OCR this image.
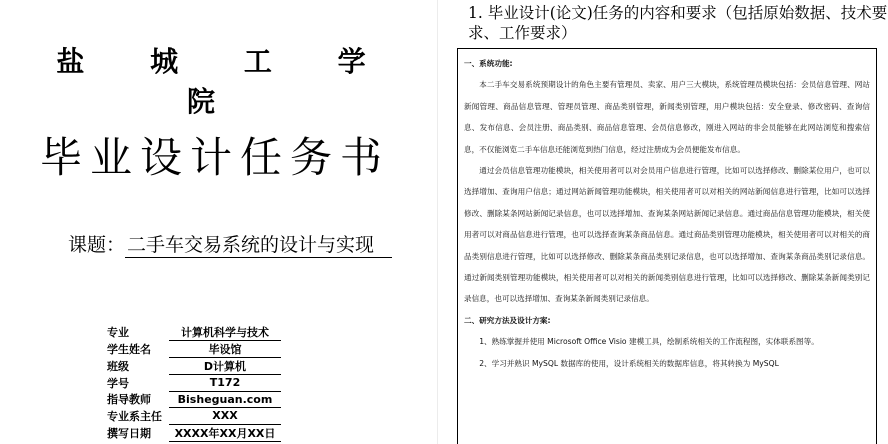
盐 城 工 学 院
毕业设计任务书
课题： 二手车交易系统的设计与实现
专业	计算机科学与技术
学生姓名	毕设馆
班级	D计算机
学号	T172
指导教师	Bisheguan.com
专业系主任	XXX
撰写日期	XXXX年XX月XX日
1. 毕业设计(论文)任务的内容和要求（包括原始数据、技术要求、工作要求）
一、系统功能:
本二手车交易系统预期设计的角色主要有管理员、卖家、用户三大模块，系统管理员模块包括：会员信息管理、网站新闻管理、商品信息管理、管理员管理、商品类别管理，新闻类别管理，用户模块包括：安全登录、修改密码、查询信息、发布信息、会员注册、商品类别、商品信息管理、会员信息修改，刚进入网站的非会员能够在此网站浏览和搜索信息，不仅能浏览二手车信息还能浏览到热门信息，经过注册成为会员便能发布信息。
通过会员信息管理功能模块，相关使用者可以对会员用户信息进行管理，比如可以选择修改、删除某位用户，也可以选择增加、查询用户信息；通过网站新闻管理功能模块，相关使用者可以对相关的网站新闻信息进行管理，比如可以选择修改、删除某条网站新闻记录信息，也可以选择增加、查询某条网站新闻记录信息。通过商品信息管理功能模块，相关使用者可以对商品信息进行管理，也可以选择查询某条商品信息。通过商品类别管理功能模块，相关使用者可以对相关的商品类别信息进行管理，比如可以选择修改、删除某条商品类别记录信息，也可以选择增加、查询某条商品类别记录信息。通过新闻类别管理功能模块，相关使用者可以对相关的新闻类别信息进行管理，比如可以选择修改、删除某条新闻类别记录信息，也可以选择增加、查询某条新闻类别记录信息。
二、研究方法及设计方案:
1、熟练掌握并使用 Microsoft Office Visio 建模工具，绘制系统相关的工作流程图，实体联系图等。
2、学习并熟识 MySQL 数据库的使用，设计系统相关的数据库信息，将其转换为 MySQL
